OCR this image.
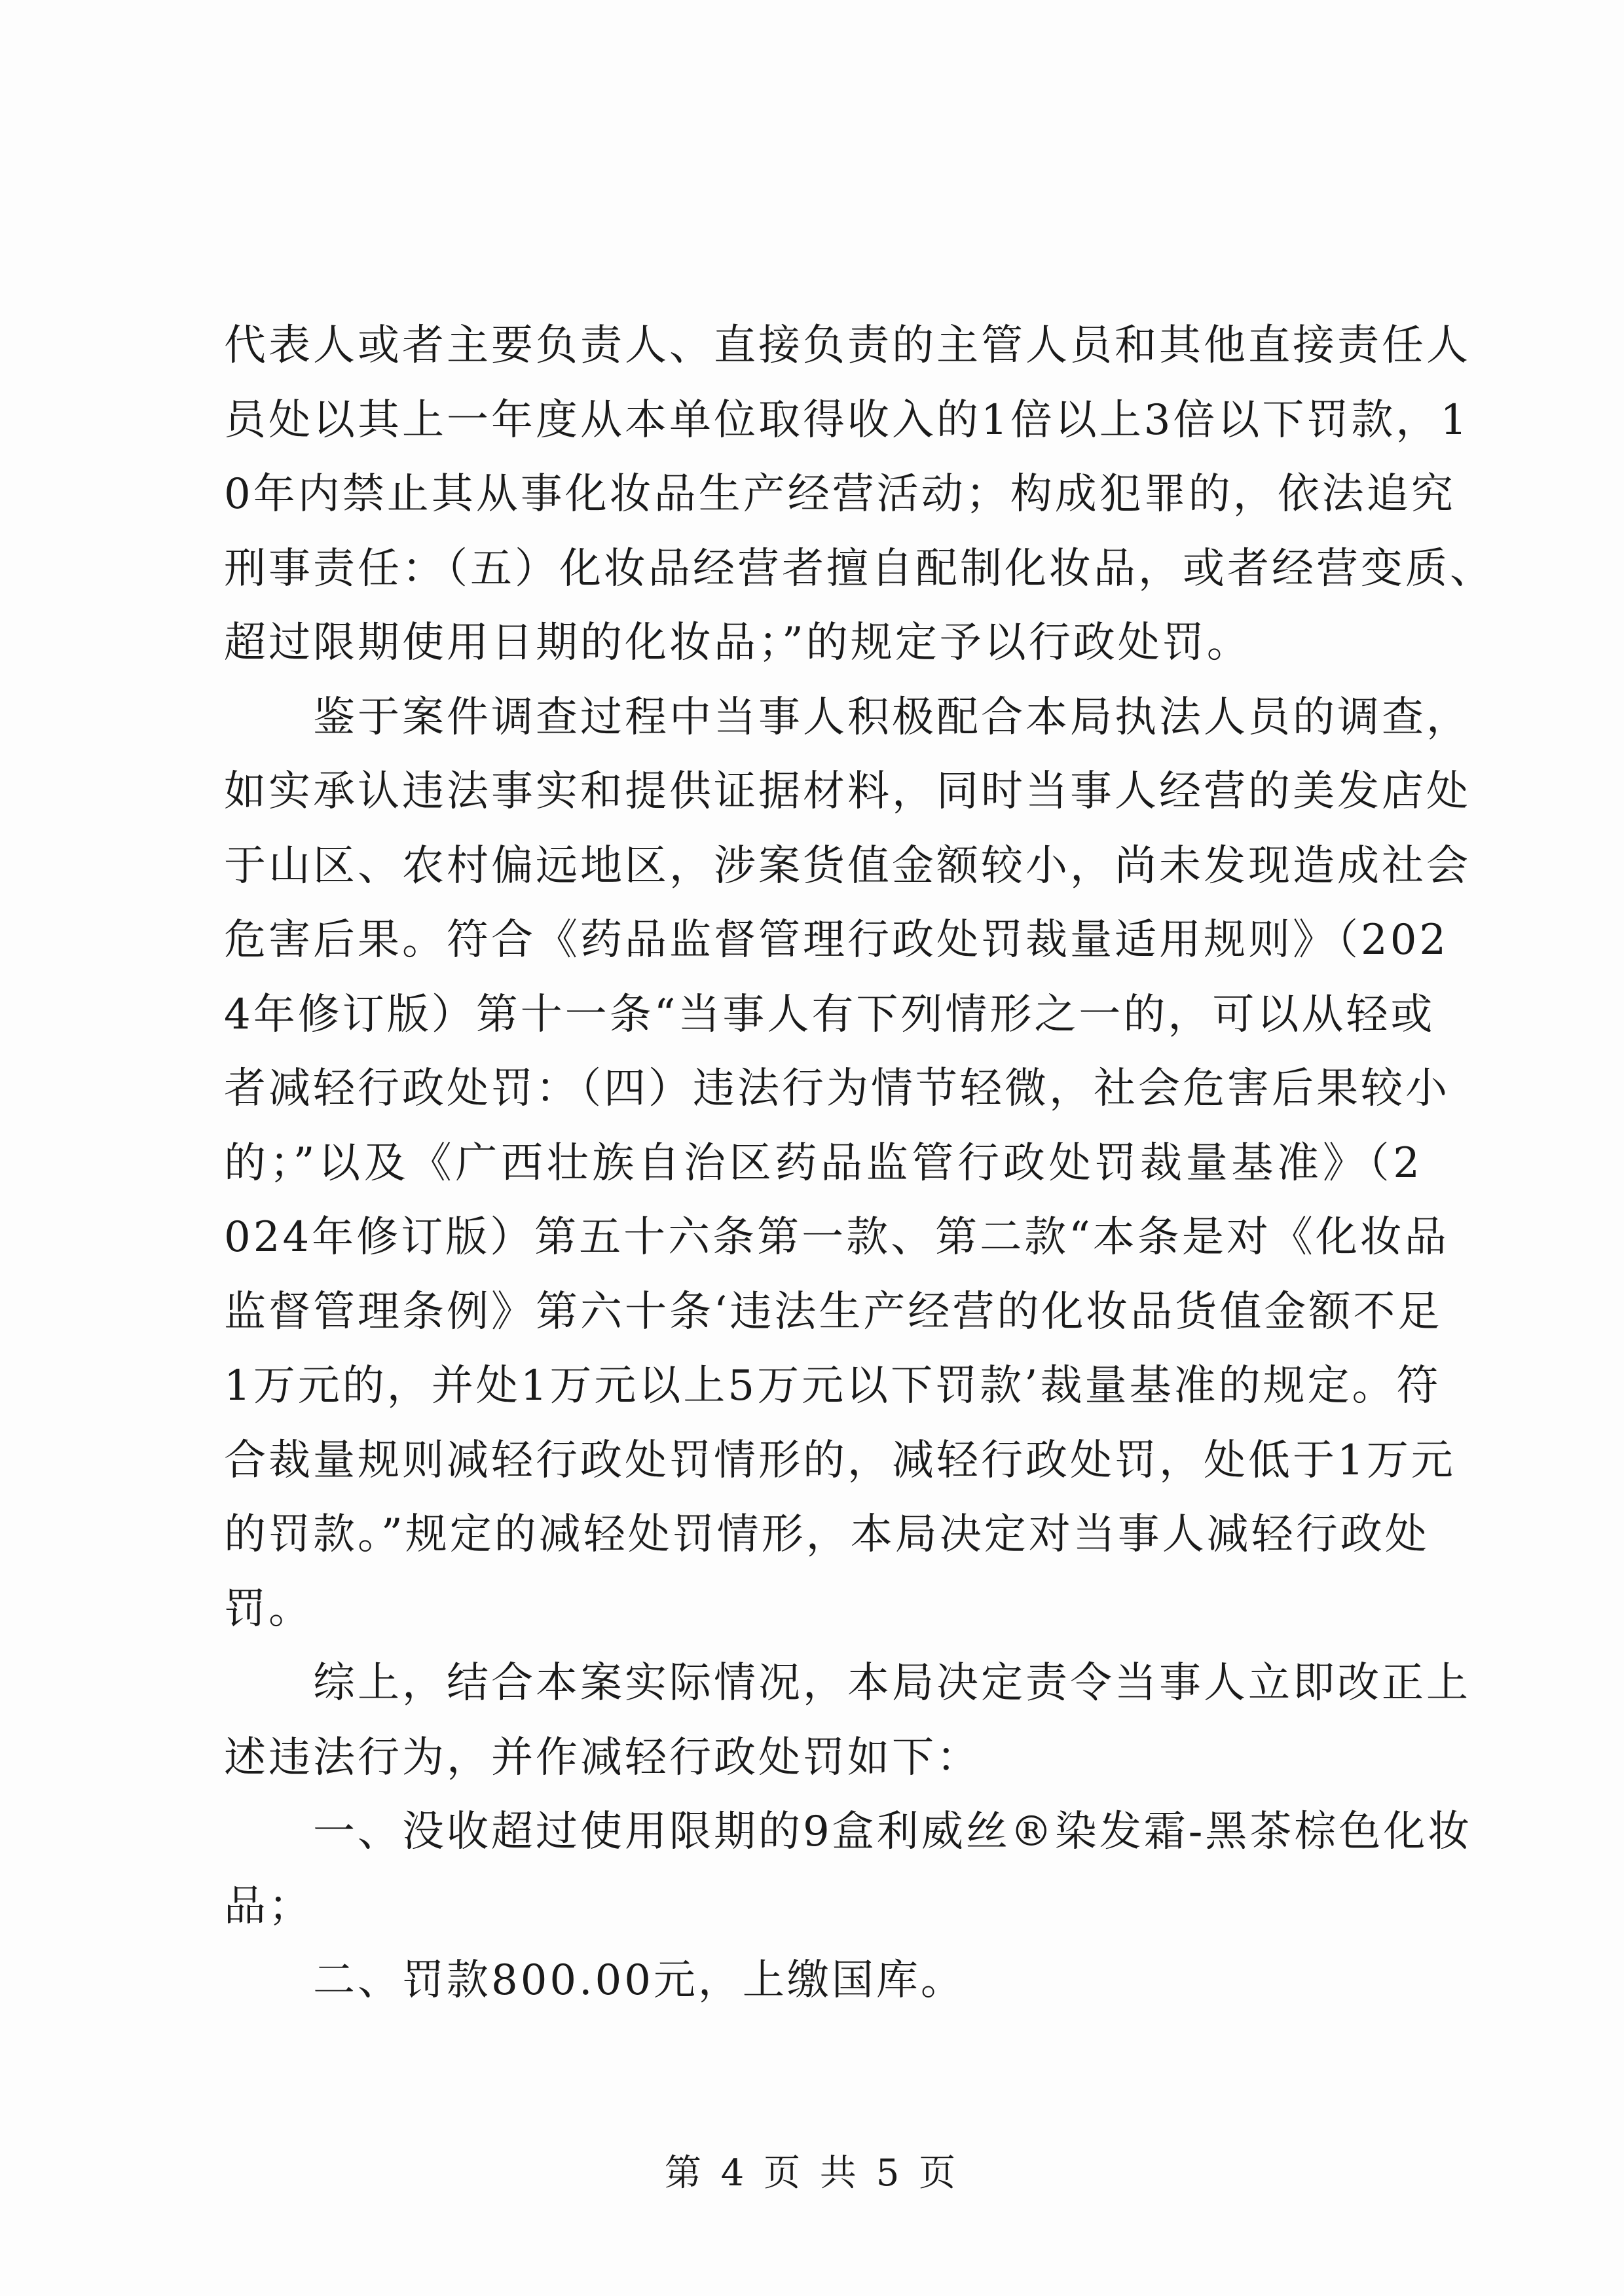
代表人或者主要负责人、直接负责的主管人员和其他直接责任人
员处以其上一年度从本单位取得收入的1倍以上3倍以下罚款，1
0年内禁止其从事化妆品生产经营活动；构成犯罪的，依法追究
刑事责任：（五）化妆品经营者擅自配制化妆品，或者经营变质、
超过限期使用日期的化妆品；”的规定予以行政处罚。
　　鉴于案件调查过程中当事人积极配合本局执法人员的调查，
如实承认违法事实和提供证据材料，同时当事人经营的美发店处
于山区、农村偏远地区，涉案货值金额较小，尚未发现造成社会
危害后果。符合《药品监督管理行政处罚裁量适用规则》（202
4年修订版）第十一条“当事人有下列情形之一的，可以从轻或
者减轻行政处罚：（四）违法行为情节轻微，社会危害后果较小
的；”以及《广西壮族自治区药品监管行政处罚裁量基准》（2
024年修订版）第五十六条第一款、第二款“本条是对《化妆品
监督管理条例》第六十条‘违法生产经营的化妆品货值金额不足
1万元的，并处1万元以上5万元以下罚款’裁量基准的规定。符
合裁量规则减轻行政处罚情形的，减轻行政处罚，处低于1万元
的罚款。”规定的减轻处罚情形，本局决定对当事人减轻行政处
罚。
　　综上，结合本案实际情况，本局决定责令当事人立即改正上
述违法行为，并作减轻行政处罚如下：
　　一、没收超过使用限期的9盒利威丝®染发霜-黑茶棕色化妆
品；
　　二、罚款800.00元，上缴国库。
第 4 页 共 5 页
